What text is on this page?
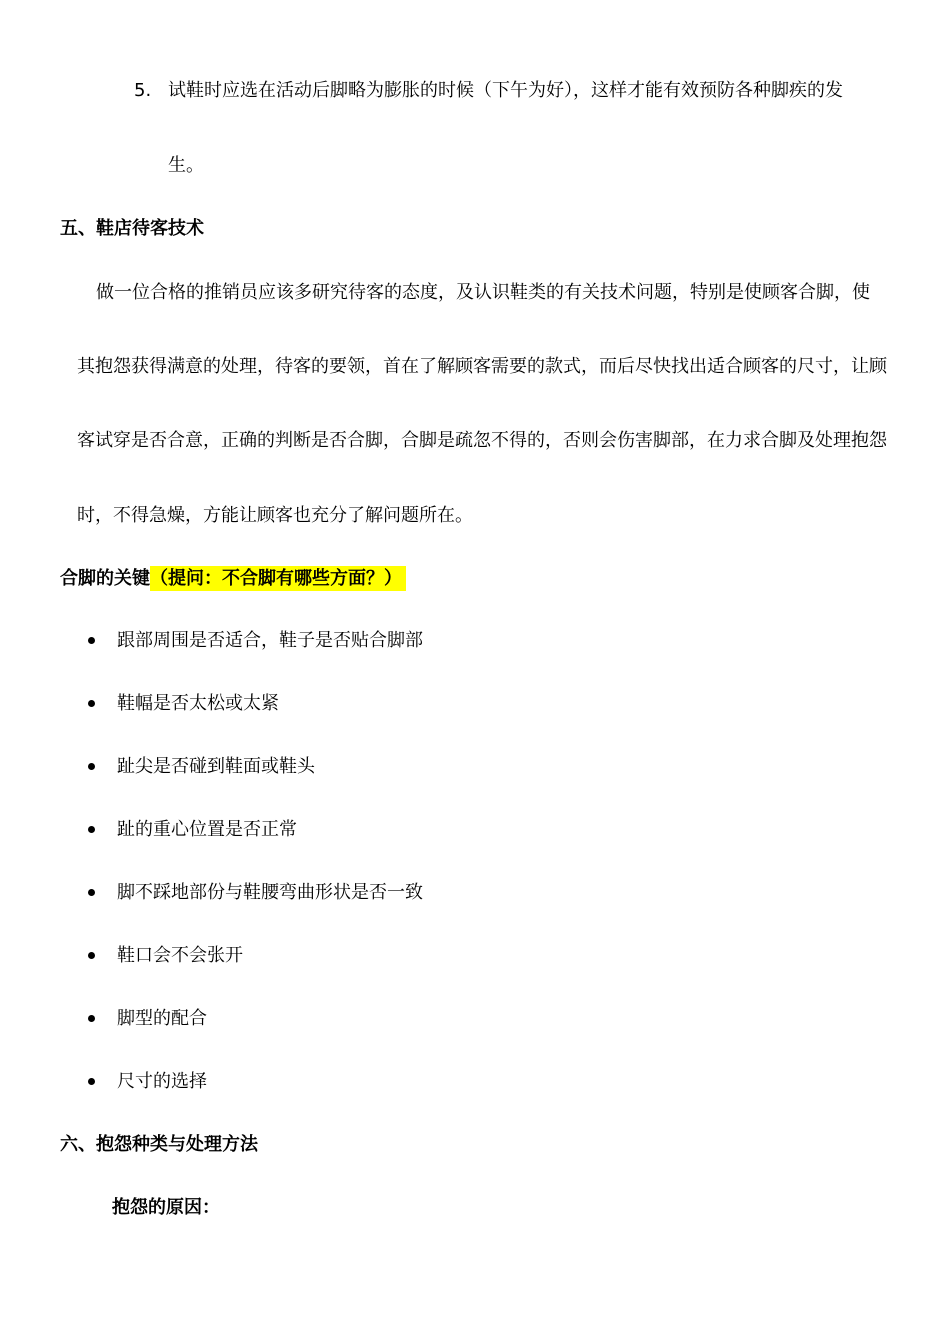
5. 试鞋时应选在活动后脚略为膨胀的时候（下午为好），这样才能有效预防各种脚疾的发
生。
五、鞋店待客技术
做一位合格的推销员应该多研究待客的态度，及认识鞋类的有关技术问题，特别是使顾客合脚，使
其抱怨获得满意的处理，待客的要领，首在了解顾客需要的款式，而后尽快找出适合顾客的尺寸，让顾
客试穿是否合意，正确的判断是否合脚，合脚是疏忽不得的，否则会伤害脚部，在力求合脚及处理抱怨
时，不得急燥，方能让顾客也充分了解问题所在。
合脚的关键（提问：不合脚有哪些方面？）
跟部周围是否适合，鞋子是否贴合脚部
鞋幅是否太松或太紧
趾尖是否碰到鞋面或鞋头
趾的重心位置是否正常
脚不踩地部份与鞋腰弯曲形状是否一致
鞋口会不会张开
脚型的配合
尺寸的选择
六、抱怨种类与处理方法
抱怨的原因：
